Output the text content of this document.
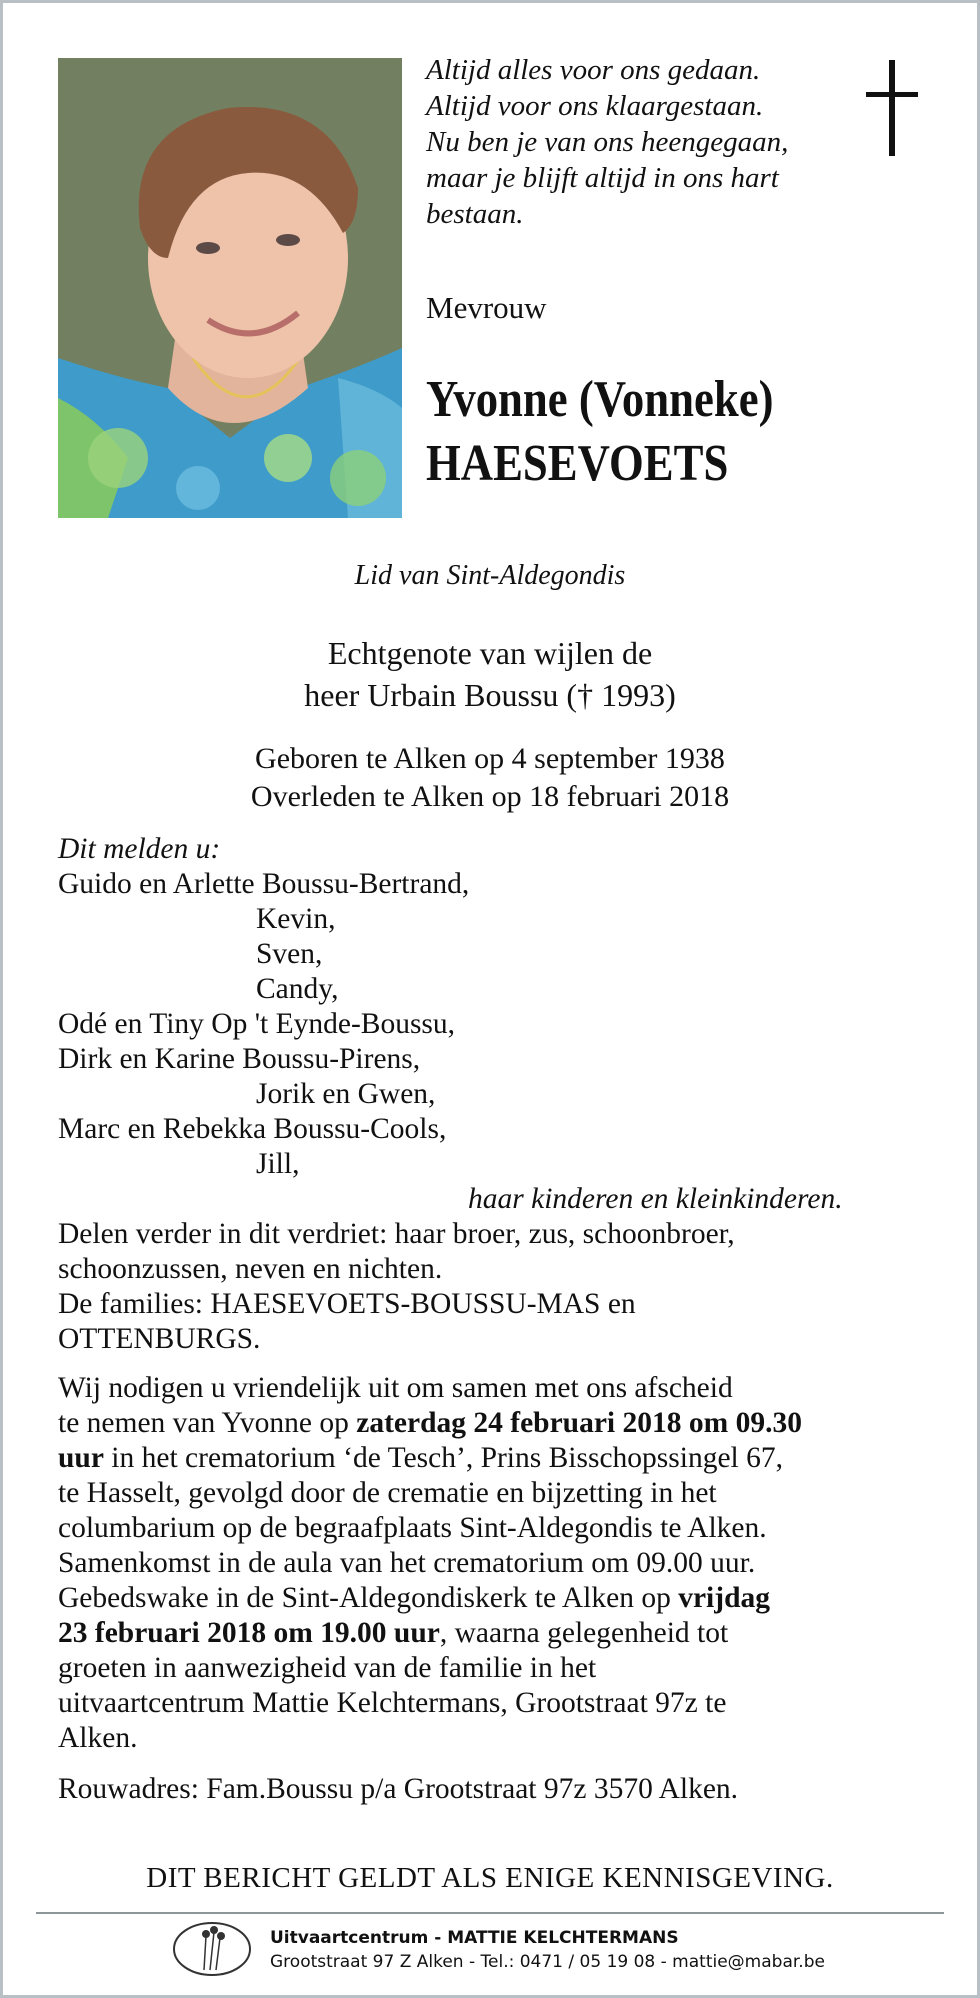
Altijd alles voor ons gedaan.
Altijd voor ons klaargestaan.
Nu ben je van ons heengegaan,
maar je blijft altijd in ons hart
bestaan.
Mevrouw
Yvonne (Vonneke)
HAESEVOETS
Lid van Sint-Aldegondis
Echtgenote van wijlen de
heer Urbain Boussu († 1993)
Geboren te Alken op 4 september 1938
Overleden te Alken op 18 februari 2018
Dit melden u:
Guido en Arlette Boussu-Bertrand,
Kevin,
Sven,
Candy,
Odé en Tiny Op 't Eynde-Boussu,
Dirk en Karine Boussu-Pirens,
Jorik en Gwen,
Marc en Rebekka Boussu-Cools,
Jill,
haar kinderen en kleinkinderen.
Delen verder in dit verdriet: haar broer, zus, schoonbroer,
schoonzussen, neven en nichten.
De families: HAESEVOETS-BOUSSU-MAS en
OTTENBURGS.
Wij nodigen u vriendelijk uit om samen met ons afscheid
te nemen van Yvonne op zaterdag 24 februari 2018 om 09.30
uur in het crematorium ‘de Tesch’, Prins Bisschopssingel 67,
te Hasselt, gevolgd door de crematie en bijzetting in het
columbarium op de begraafplaats Sint-Aldegondis te Alken.
Samenkomst in de aula van het crematorium om 09.00 uur.
Gebedswake in de Sint-Aldegondiskerk te Alken op vrijdag
23 februari 2018 om 19.00 uur, waarna gelegenheid tot
groeten in aanwezigheid van de familie in het
uitvaartcentrum Mattie Kelchtermans, Grootstraat 97z te
Alken.
Rouwadres: Fam.Boussu p/a Grootstraat 97z 3570 Alken.
DIT BERICHT GELDT ALS ENIGE KENNISGEVING.
Uitvaartcentrum - MATTIE KELCHTERMANS
Grootstraat 97 Z Alken - Tel.: 0471 / 05 19 08 - mattie@mabar.be
